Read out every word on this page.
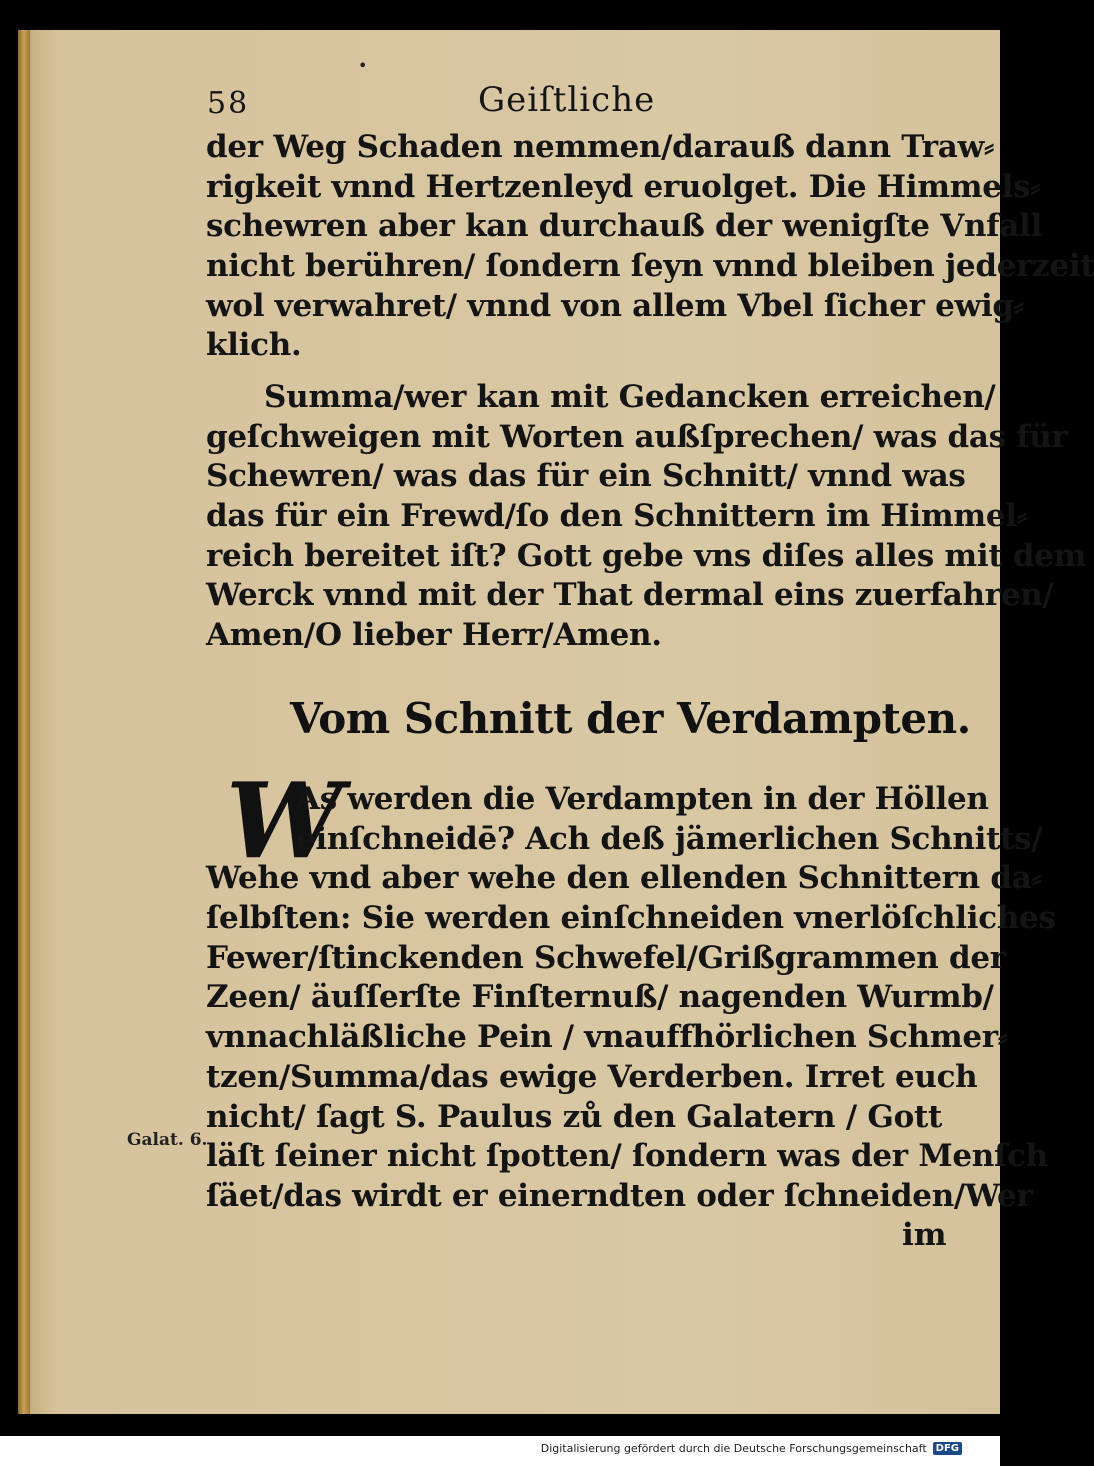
•
58	Geiſtliche
der Weg Schaden nemmen/darauß dann Traw⸗
rigkeit vnnd Hertzenleyd eruolget. Die Himmels⸗
schewren aber kan durchauß der wenigſte Vnfall
nicht berühren/ ſondern ſeyn vnnd bleiben jederzeit
wol verwahret/ vnnd von allem Vbel ſicher ewig⸗
klich.
Summa/wer kan mit Gedancken erreichen/
geſchweigen mit Worten außſprechen/ was das für
Schewren/ was das für ein Schnitt/ vnnd was
das für ein Frewd/ſo den Schnittern im Himmel⸗
reich bereitet iſt? Gott gebe vns diſes alles mit dem
Werck vnnd mit der That dermal eins zuerfahren/
Amen/O lieber Herr/Amen.
Vom Schnitt der Verdampten.
W
As werden die Verdampten in der Höllen
einſchneidē? Ach deß jämerlichen Schnitts/
Wehe vnd aber wehe den ellenden Schnittern da⸗
ſelbſten: Sie werden einſchneiden vnerlöſchliches
Fewer/ſtinckenden Schwefel/Grißgrammen der
Zeen/ äuſſerſte Finſternuß/ nagenden Wurmb/
vnnachläßliche Pein / vnauffhörlichen Schmer⸗
tzen/Summa/das ewige Verderben. Irret euch
nicht/ ſagt S. Paulus zů den Galatern / Gott
läſt ſeiner nicht ſpotten/ ſondern was der Menſch
ſäet/das wirdt er einerndten oder ſchneiden/Wer
Galat. 6.
im
Digitalisierung gefördert durch die Deutsche Forschungsgemeinschaft DFG
